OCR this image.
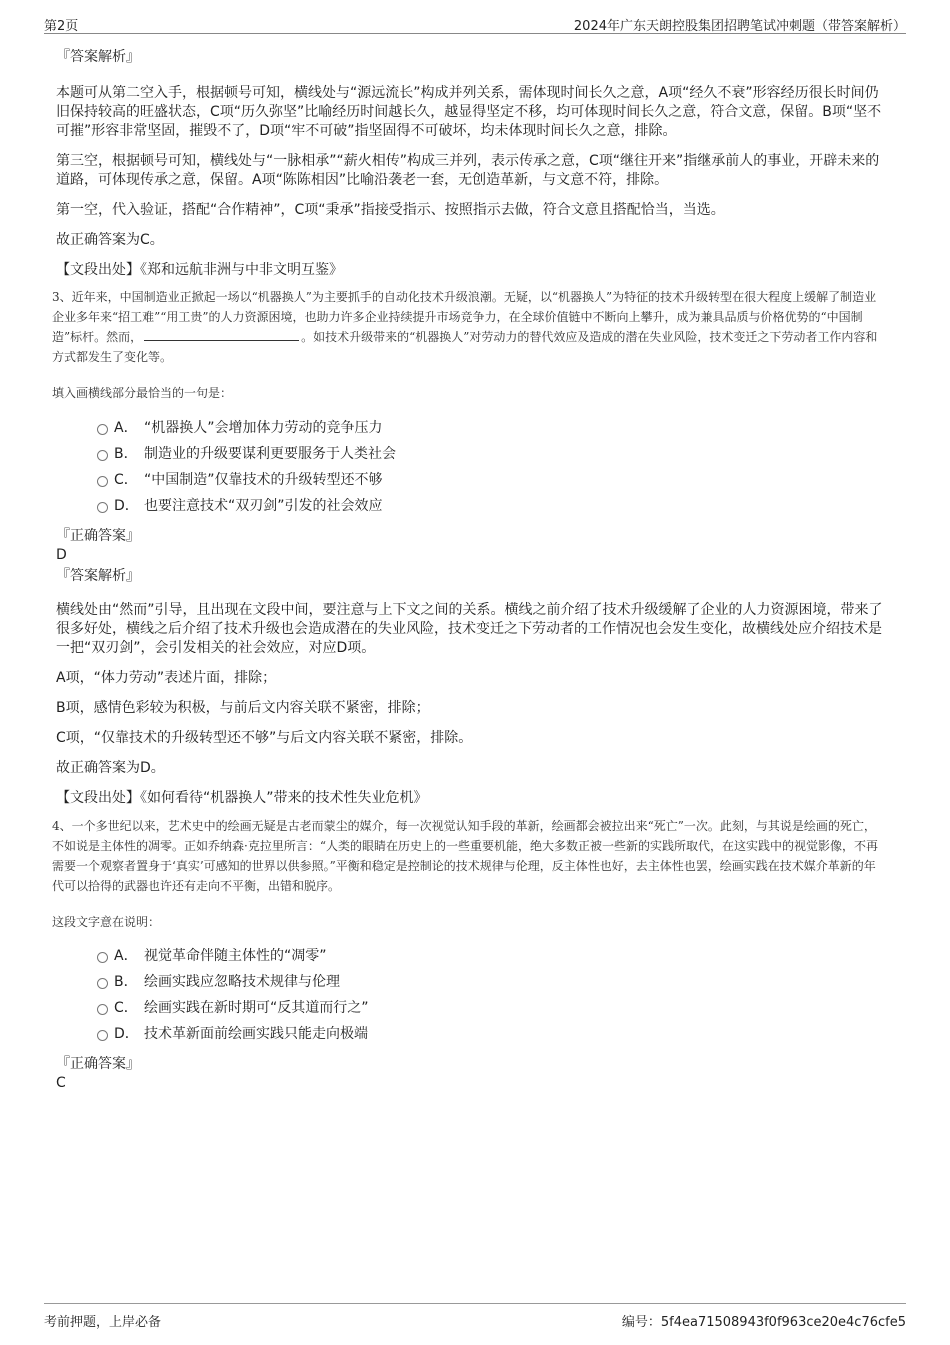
第2页	2024年广东天朗控股集团招聘笔试冲刺题（带答案解析）

『答案解析』

本题可从第二空入手，根据顿号可知，横线处与“源远流长”构成并列关系，需体现时间长久之意，A项“经久不衰”形容经历很长时间仍旧保持较高的旺盛状态，C项“历久弥坚”比喻经历时间越长久，越显得坚定不移，均可体现时间长久之意，符合文意，保留。B项“坚不可摧”形容非常坚固，摧毁不了，D项“牢不可破”指坚固得不可破坏，均未体现时间长久之意，排除。

第三空，根据顿号可知，横线处与“一脉相承”“薪火相传”构成三并列，表示传承之意，C项“继往开来”指继承前人的事业，开辟未来的道路，可体现传承之意，保留。A项“陈陈相因”比喻沿袭老一套，无创造革新，与文意不符，排除。

第一空，代入验证，搭配“合作精神”，C项“秉承”指接受指示、按照指示去做，符合文意且搭配恰当，当选。

故正确答案为C。

【文段出处】《郑和远航非洲与中非文明互鉴》

3、近年来，中国制造业正掀起一场以“机器换人”为主要抓手的自动化技术升级浪潮。无疑，以“机器换人”为特征的技术升级转型在很大程度上缓解了制造业企业多年来“招工难”“用工贵”的人力资源困境，也助力许多企业持续提升市场竞争力，在全球价值链中不断向上攀升，成为兼具品质与价格优势的“中国制造”标杆。然而，	。如技术升级带来的“机器换人”对劳动力的替代效应及造成的潜在失业风险，技术变迁之下劳动者工作内容和方式都发生了变化等。

填入画横线部分最恰当的一句是：

A． “机器换人”会增加体力劳动的竞争压力
B． 制造业的升级要谋利更要服务于人类社会
C． “中国制造”仅靠技术的升级转型还不够
D． 也要注意技术“双刃剑”引发的社会效应

『正确答案』

D

『答案解析』

横线处由“然而”引导，且出现在文段中间，要注意与上下文之间的关系。横线之前介绍了技术升级缓解了企业的人力资源困境，带来了很多好处，横线之后介绍了技术升级也会造成潜在的失业风险，技术变迁之下劳动者的工作情况也会发生变化，故横线处应介绍技术是一把“双刃剑”，会引发相关的社会效应，对应D项。

A项，“体力劳动”表述片面，排除；

B项，感情色彩较为积极，与前后文内容关联不紧密，排除；

C项，“仅靠技术的升级转型还不够”与后文内容关联不紧密，排除。

故正确答案为D。

【文段出处】《如何看待“机器换人”带来的技术性失业危机》

4、一个多世纪以来，艺术史中的绘画无疑是古老而蒙尘的媒介，每一次视觉认知手段的革新，绘画都会被拉出来“死亡”一次。此刻，与其说是绘画的死亡，不如说是主体性的凋零。正如乔纳森·克拉里所言：“人类的眼睛在历史上的一些重要机能，绝大多数正被一些新的实践所取代，在这实践中的视觉影像，不再需要一个观察者置身于‘真实’可感知的世界以供参照。”平衡和稳定是控制论的技术规律与伦理，反主体性也好，去主体性也罢，绘画实践在技术媒介革新的年代可以拾得的武器也许还有走向不平衡，出错和脱序。

这段文字意在说明：

A． 视觉革命伴随主体性的“凋零”
B． 绘画实践应忽略技术规律与伦理
C． 绘画实践在新时期可“反其道而行之”
D． 技术革新面前绘画实践只能走向极端

『正确答案』

C

考前押题，上岸必备	编号：5f4ea71508943f0f963ce20e4c76cfe5
